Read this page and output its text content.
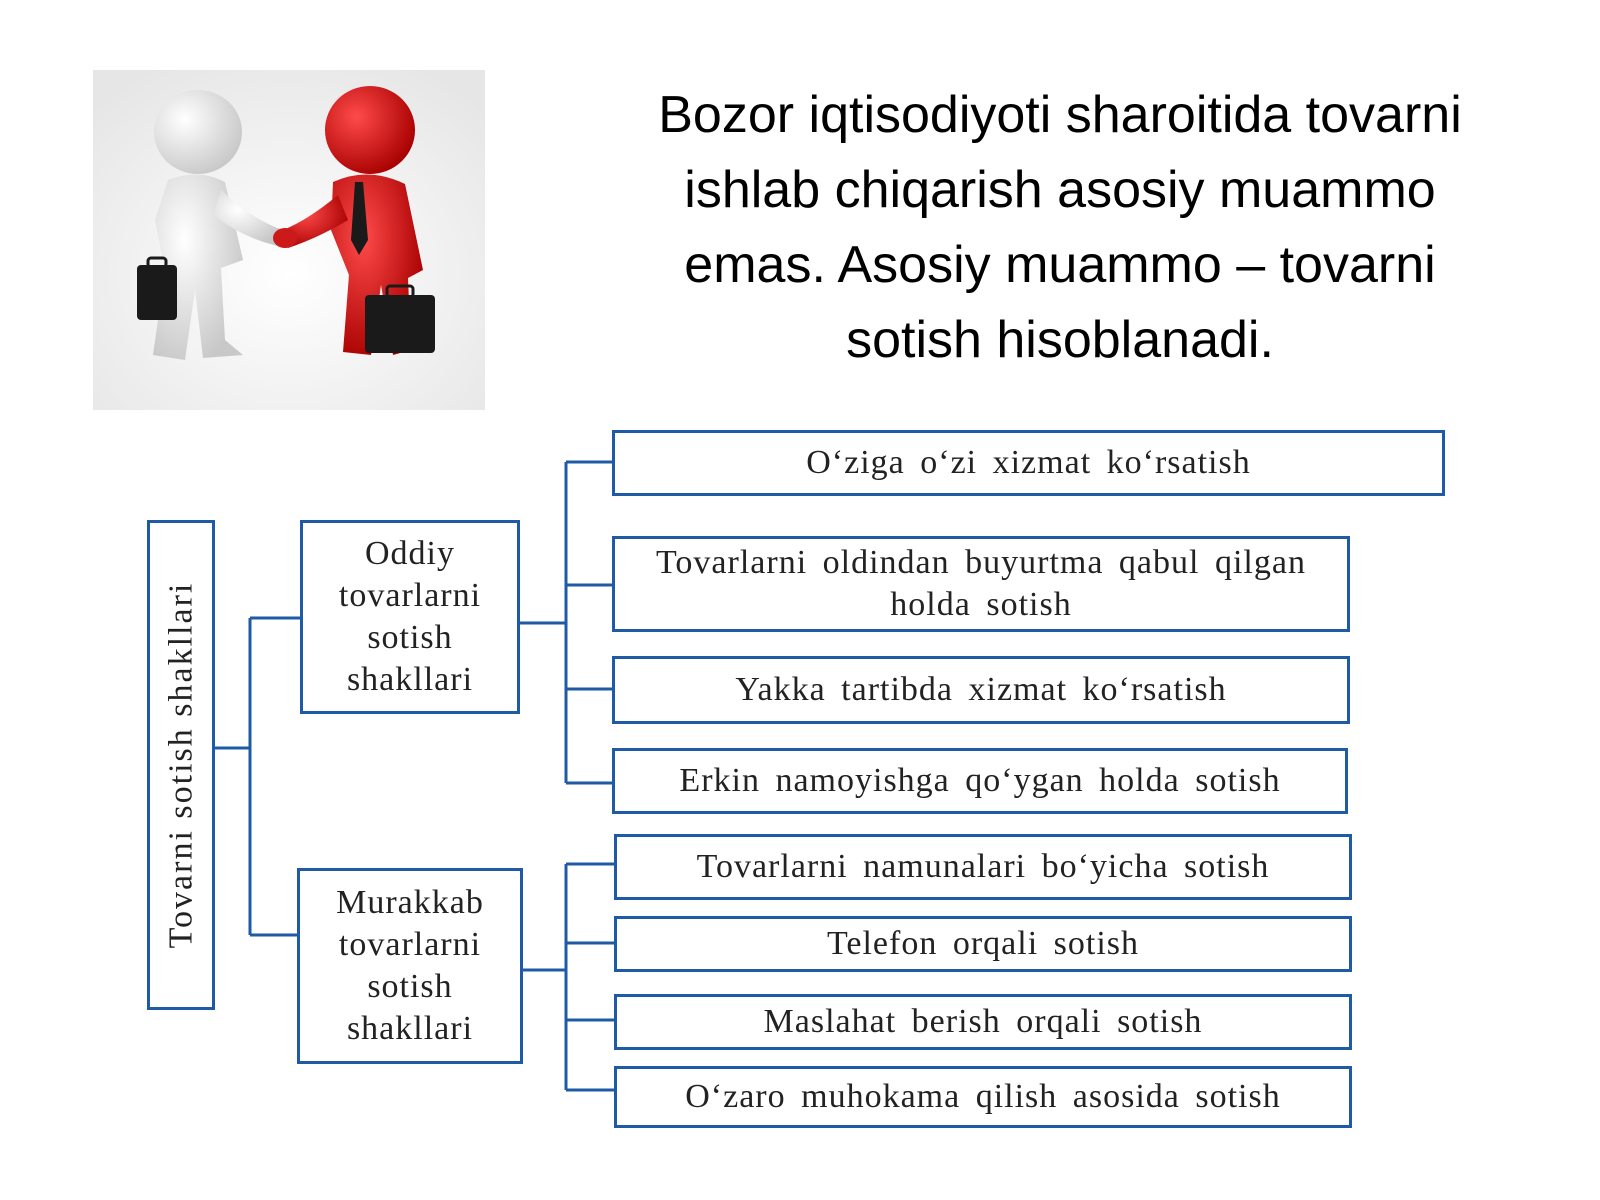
Bozor iqtisodiyoti sharoitida tovarni ishlab chiqarish asosiy muammo emas. Asosiy muammo – tovarni sotish hisoblanadi.
Tovarni sotish shakllari
Oddiy tovarlarni sotish shakllari
Murakkab tovarlarni sotish shakllari
O‘ziga o‘zi xizmat ko‘rsatish
Tovarlarni oldindan buyurtma qabul qilgan holda sotish
Yakka tartibda xizmat ko‘rsatish
Erkin namoyishga qo‘ygan holda sotish
Tovarlarni namunalari bo‘yicha sotish
Telefon orqali sotish
Maslahat berish orqali sotish
O‘zaro muhokama qilish asosida sotish
